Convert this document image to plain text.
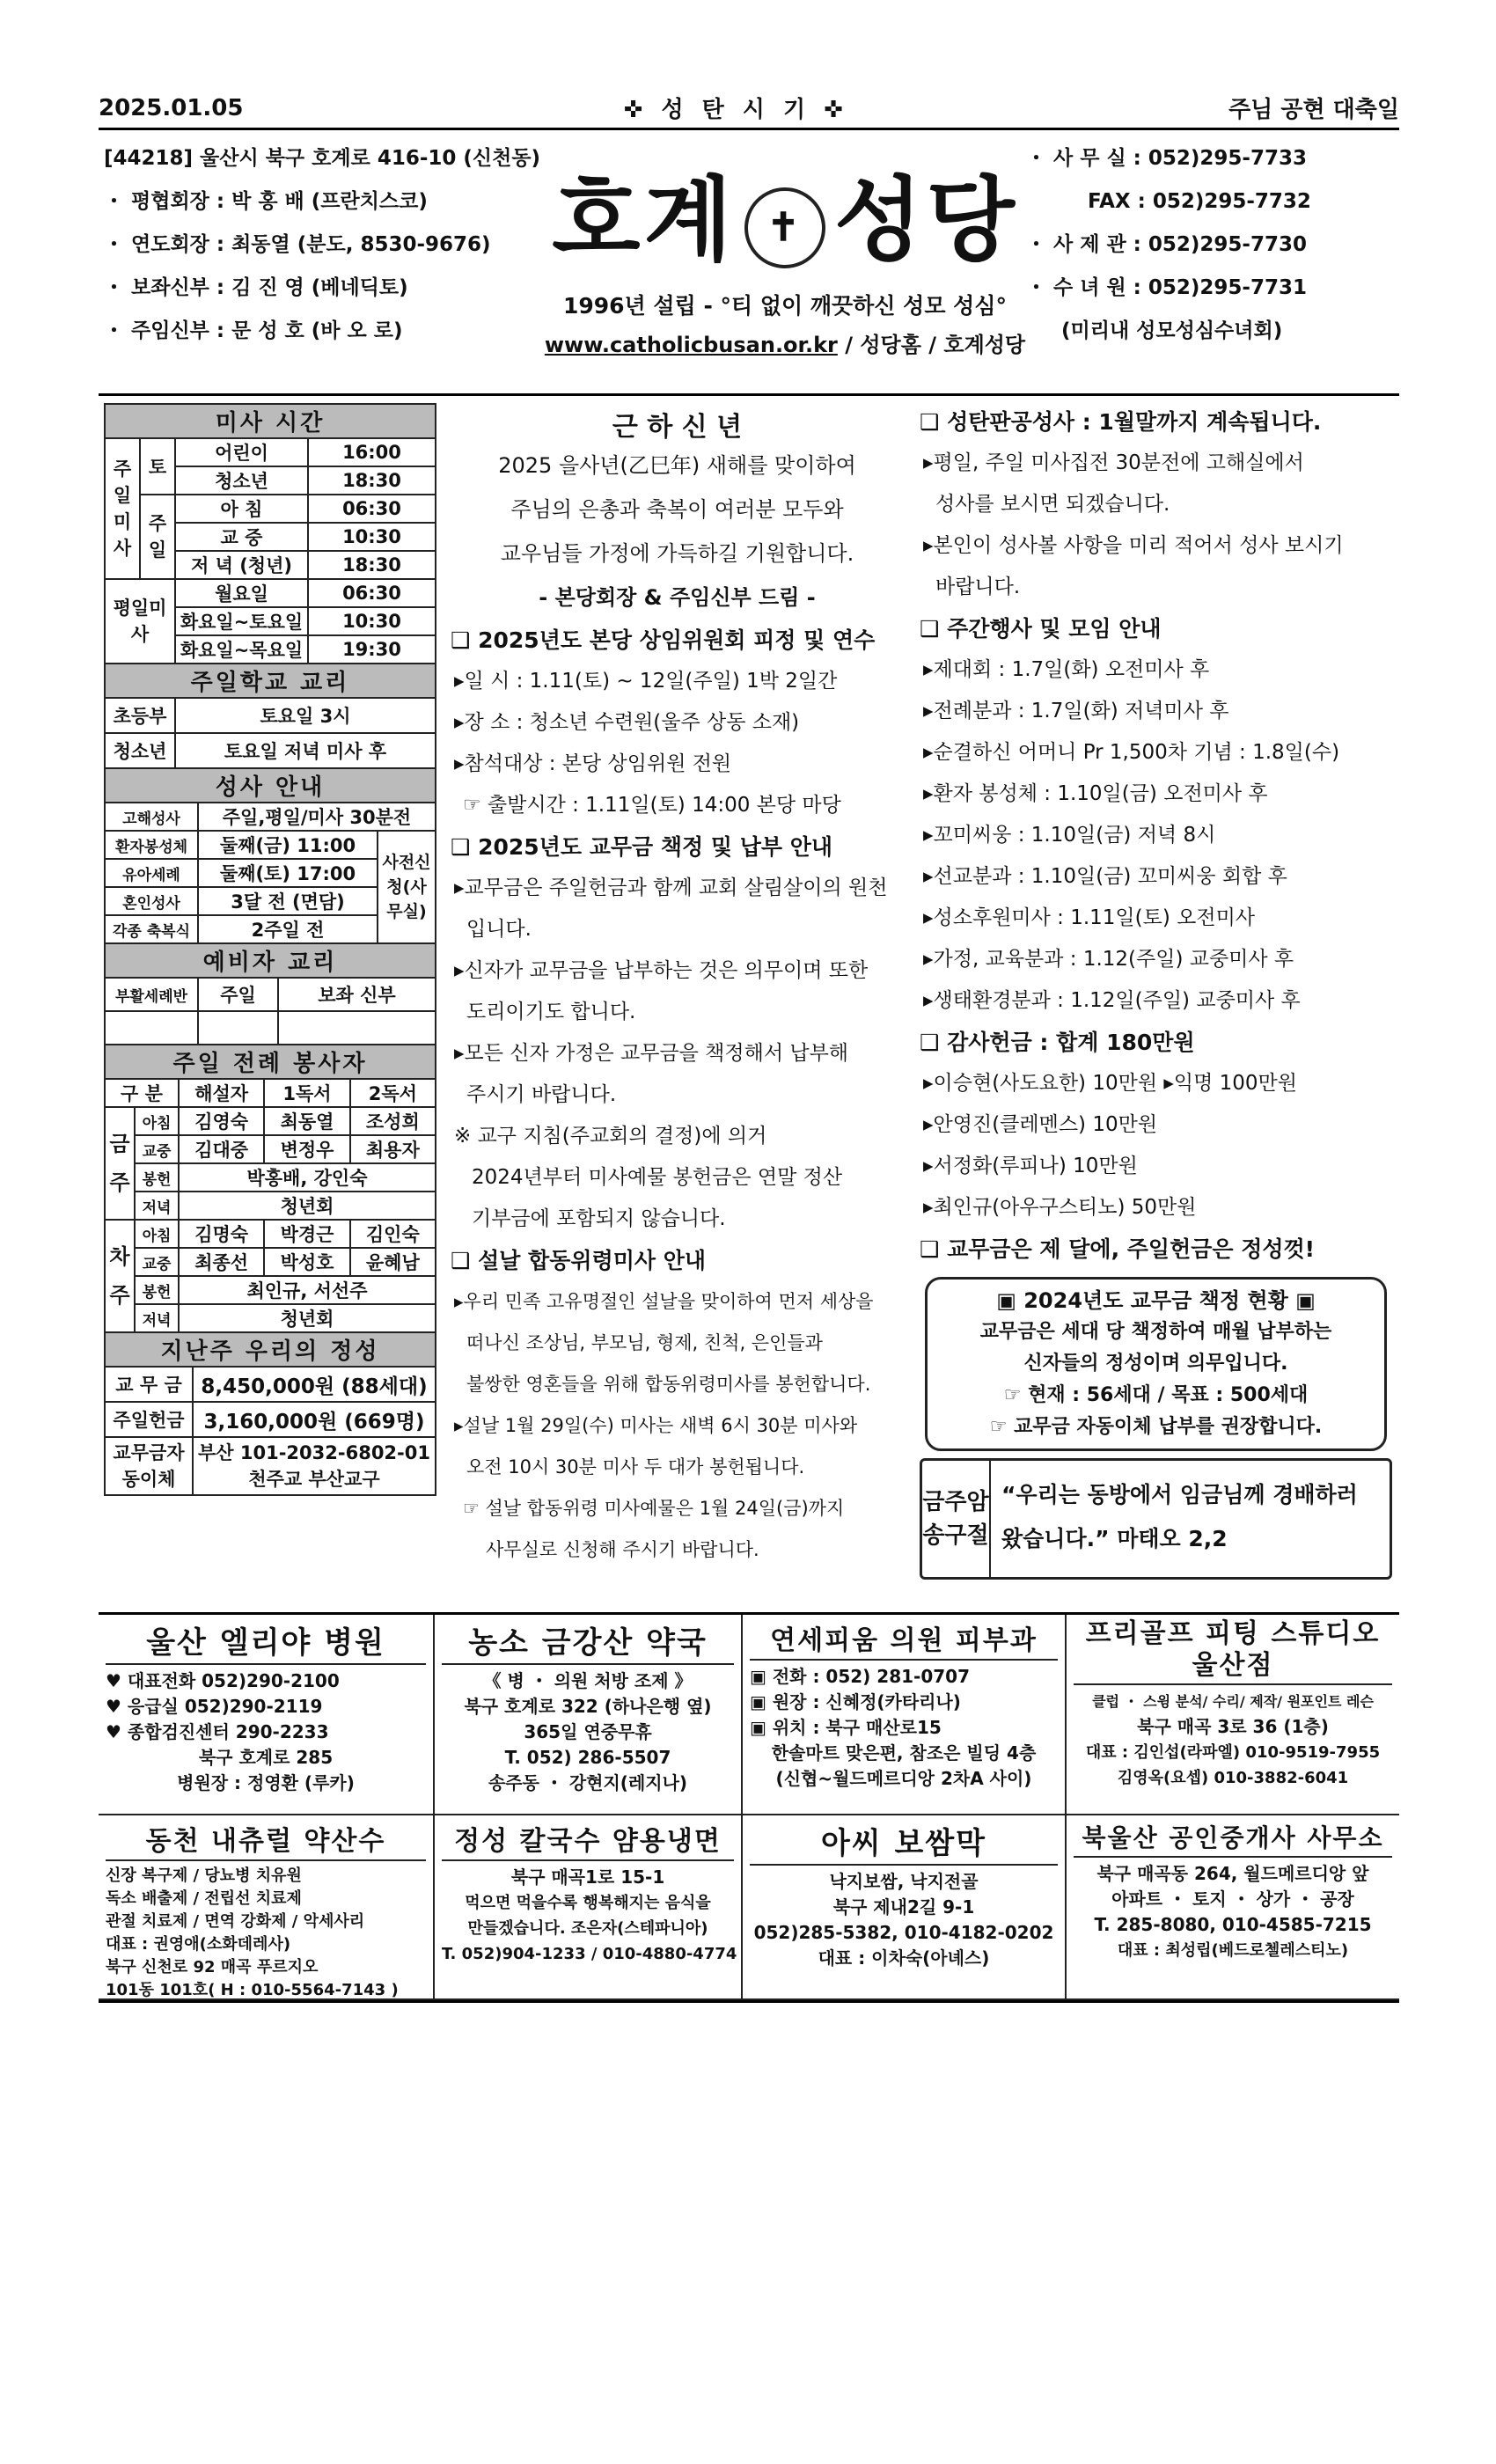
2025.01.05	✜ 성 탄 시 기 ✜	주님 공현 대축일
[44218] 울산시 북구 호계로 416-10 (신천동)
・ 평협회장 : 박 홍 배 (프란치스코)
・ 연도회장 : 최동열 (분도, 8530-9676)
・ 보좌신부 : 김 진 영 (베네딕토)
・ 주임신부 : 문 성 호 (바 오 로)
호계 ✝ 성당
1996년 설립 - °티 없이 깨끗하신 성모 성심°
www.catholicbusan.or.kr / 성당홈 / 호계성당
・ 사 무 실 : 052)295-7733
FAX : 052)295-7732
・ 사 제 관 : 052)295-7730
・ 수 녀 원 : 052)295-7731
(미리내 성모성심수녀회)
미사 시간
주일미사	토	
어린이	16:00

청소년	18:30

주일	
아 침	06:30

교 중	10:30

저 녁 (청년)	18:30

평일미사	
월요일	06:30

화요일~토요일	10:30

화요일~목요일	19:30

주일학교 교리
초등부	토요일 3시
청소년	토요일 저녁 미사 후
성사 안내
고해성사	주일,평일/미사 30분전
환자봉성체	둘째(금) 11:00	사전신청(사무실)
유아세례	둘째(토) 17:00
혼인성사	3달 전 (면담)
각종 축복식	2주일 전
예비자 교리
부활세례반	주일	보좌 신부

주일 전례 봉사자				
구 분		해설자	1독서	2독서
금주	아침	김영숙	최동열	조성희
	교중	김대중	변정우	최용자
	봉헌	박홍배, 강인숙		
	저녁	청년회		
차주	아침	김명숙	박경근	김인숙
	교중	최종선	박성호	윤혜남
	봉헌	최인규, 서선주		
	저녁	청년회		
지난주 우리의 정성	
교 무 금	8,450,000원 (88세대)
주일헌금	3,160,000원 (669명)
교무금자동이체	부산 101-2032-6802-01 천주교 부산교구
근 하 신 년
2025 을사년(乙巳年) 새해를 맞이하여
주님의 은총과 축복이 여러분 모두와
교우님들 가정에 가득하길 기원합니다.
- 본당회장 & 주임신부 드림 -
❑ 2025년도 본당 상임위원회 피정 및 연수
▸일 시 : 1.11(토) ~ 12일(주일) 1박 2일간
▸장 소 : 청소년 수련원(울주 상동 소재)
▸참석대상 : 본당 상임위원 전원
☞ 출발시간 : 1.11일(토) 14:00 본당 마당
❑ 2025년도 교무금 책정 및 납부 안내
▸교무금은 주일헌금과 함께 교회 살림살이의 원천
입니다.
▸신자가 교무금을 납부하는 것은 의무이며 또한
도리이기도 합니다.
▸모든 신자 가정은 교무금을 책정해서 납부해
주시기 바랍니다.
※ 교구 지침(주교회의 결정)에 의거
2024년부터 미사예물 봉헌금은 연말 정산
기부금에 포함되지 않습니다.
❑ 설날 합동위령미사 안내
▸우리 민족 고유명절인 설날을 맞이하여 먼저 세상을
떠나신 조상님, 부모님, 형제, 친척, 은인들과
불쌍한 영혼들을 위해 합동위령미사를 봉헌합니다.
▸설날 1월 29일(수) 미사는 새벽 6시 30분 미사와
오전 10시 30분 미사 두 대가 봉헌됩니다.
☞ 설날 합동위령 미사예물은 1월 24일(금)까지
사무실로 신청해 주시기 바랍니다.
❑ 성탄판공성사 : 1월말까지 계속됩니다.
▸평일, 주일 미사집전 30분전에 고해실에서
성사를 보시면 되겠습니다.
▸본인이 성사볼 사항을 미리 적어서 성사 보시기
바랍니다.
❑ 주간행사 및 모임 안내
▸제대회 : 1.7일(화) 오전미사 후
▸전례분과 : 1.7일(화) 저녁미사 후
▸순결하신 어머니 Pr 1,500차 기념 : 1.8일(수)
▸환자 봉성체 : 1.10일(금) 오전미사 후
▸꼬미씨웅 : 1.10일(금) 저녁 8시
▸선교분과 : 1.10일(금) 꼬미씨웅 회합 후
▸성소후원미사 : 1.11일(토) 오전미사
▸가정, 교육분과 : 1.12(주일) 교중미사 후
▸생태환경분과 : 1.12일(주일) 교중미사 후
❑ 감사헌금 : 합계 180만원
▸이승현(사도요한) 10만원 ▸익명 100만원
▸안영진(클레멘스) 10만원
▸서정화(루피나) 10만원
▸최인규(아우구스티노) 50만원
❑ 교무금은 제 달에, 주일헌금은 정성껏!
▣ 2024년도 교무금 책정 현황 ▣
교무금은 세대 당 책정하여 매월 납부하는
신자들의 정성이며 의무입니다.
☞ 현재 : 56세대 / 목표 : 500세대
☞ 교무금 자동이체 납부를 권장합니다.
금주암송구절
“우리는 동방에서 임금님께 경배하러 왔습니다.” 마태오 2,2
울산 엘리야 병원
♥ 대표전화 052)290-2100
♥ 응급실 052)290-2119
♥ 종합검진센터 290-2233
북구 호계로 285
병원장 : 정영환 (루카)
농소 금강산 약국
《 병 ・ 의원 처방 조제 》
북구 호계로 322 (하나은행 옆)
365일 연중무휴
T. 052) 286-5507
송주동 ・ 강현지(레지나)
연세피움 의원 피부과
▣ 전화 : 052) 281-0707
▣ 원장 : 신혜정(카타리나)
▣ 위치 : 북구 매산로15
한솔마트 맞은편, 참조은 빌딩 4층
(신협~월드메르디앙 2차A 사이)
프리골프 피팅 스튜디오 울산점
클럽 ・ 스윙 분석/ 수리/ 제작/ 원포인트 레슨
북구 매곡 3로 36 (1층)
대표 : 김인섭(라파엘) 010-9519-7955
김영옥(요셉) 010-3882-6041
동천 내츄럴 약산수
신장 복구제 / 당뇨병 치유원
독소 배출제 / 전립선 치료제
관절 치료제 / 면역 강화제 / 악세사리
대표 : 권영애(소화데레사)
북구 신천로 92 매곡 푸르지오
101동 101호( H : 010-5564-7143 )
정성 칼국수 얌용냉면
북구 매곡1로 15-1
먹으면 먹을수록 행복해지는 음식을
만들겠습니다. 조은자(스테파니아)
T. 052)904-1233 / 010-4880-4774
아씨 보쌈막
낙지보쌈, 낙지전골
북구 제내2길 9-1
052)285-5382, 010-4182-0202
대표 : 이차숙(아녜스)
북울산 공인중개사 사무소
북구 매곡동 264, 월드메르디앙 앞
아파트 ・ 토지 ・ 상가 ・ 공장
T. 285-8080, 010-4585-7215
대표 : 최성립(베드로첼레스티노)
